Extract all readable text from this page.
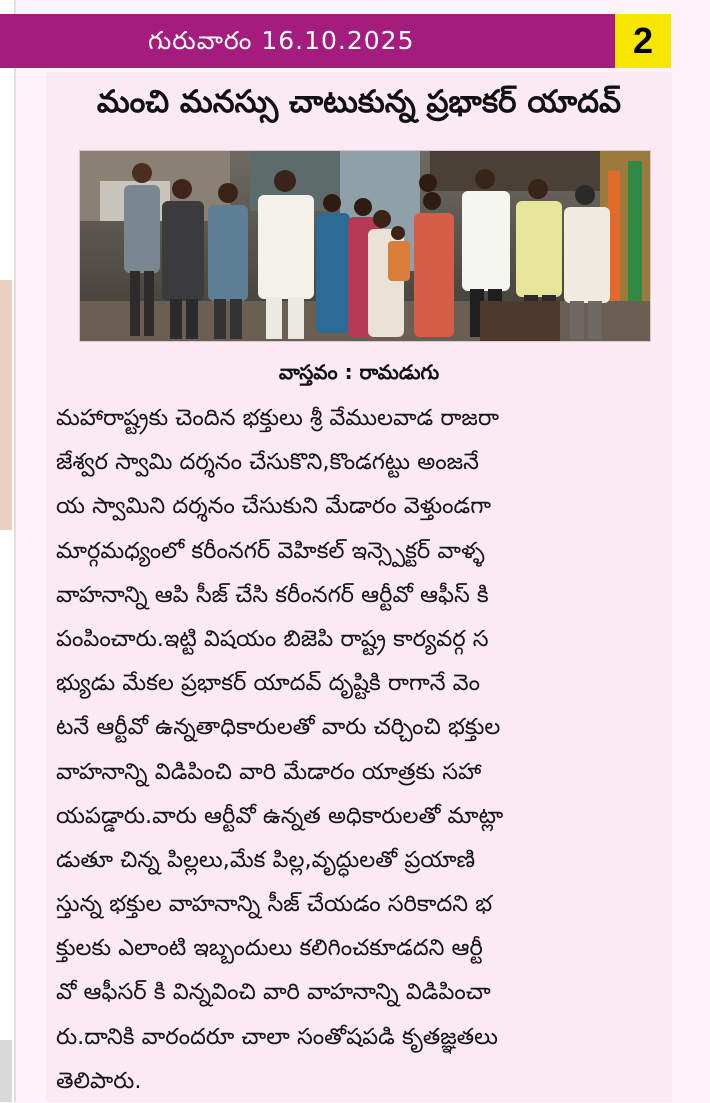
గురువారం 16.10.2025	2
మంచి మనస్సు చాటుకున్న ప్రభాకర్ యాదవ్
వాస్తవం : రామడుగు
మహారాష్ట్రకు చెందిన భక్తులు శ్రీ వేములవాడ రాజరా
జేశ్వర స్వామి దర్శనం చేసుకొని,కొండగట్టు అంజనే
య స్వామిని దర్శనం చేసుకుని మేడారం వెళ్తుండగా
మార్గమధ్యంలో కరీంనగర్ వెహికల్ ఇన్స్పెక్టర్ వాళ్ళ
వాహనాన్ని ఆపి సీజ్ చేసి కరీంనగర్ ఆర్టీవో ఆఫీస్ కి
పంపించారు.ఇట్టి విషయం బిజెపి రాష్ట్ర కార్యవర్గ స
భ్యుడు మేకల ప్రభాకర్ యాదవ్ దృష్టికి రాగానే వెం
టనే ఆర్టీవో ఉన్నతాధికారులతో వారు చర్చించి భక్తుల
వాహనాన్ని విడిపించి వారి మేడారం యాత్రకు సహా
యపడ్డారు.వారు ఆర్టీవో ఉన్నత అధికారులతో మాట్లా
డుతూ చిన్న పిల్లలు,మేక పిల్ల,వృద్ధులతో ప్రయాణి
స్తున్న భక్తుల వాహనాన్ని సీజ్ చేయడం సరికాదని భ
క్తులకు ఎలాంటి ఇబ్బందులు కలిగించకూడదని ఆర్టీ
వో ఆఫీసర్ కి విన్నవించి వారి వాహనాన్ని విడిపించా
రు.దానికి వారందరూ చాలా సంతోషపడి కృతజ్ఞతలు
తెలిపారు.
